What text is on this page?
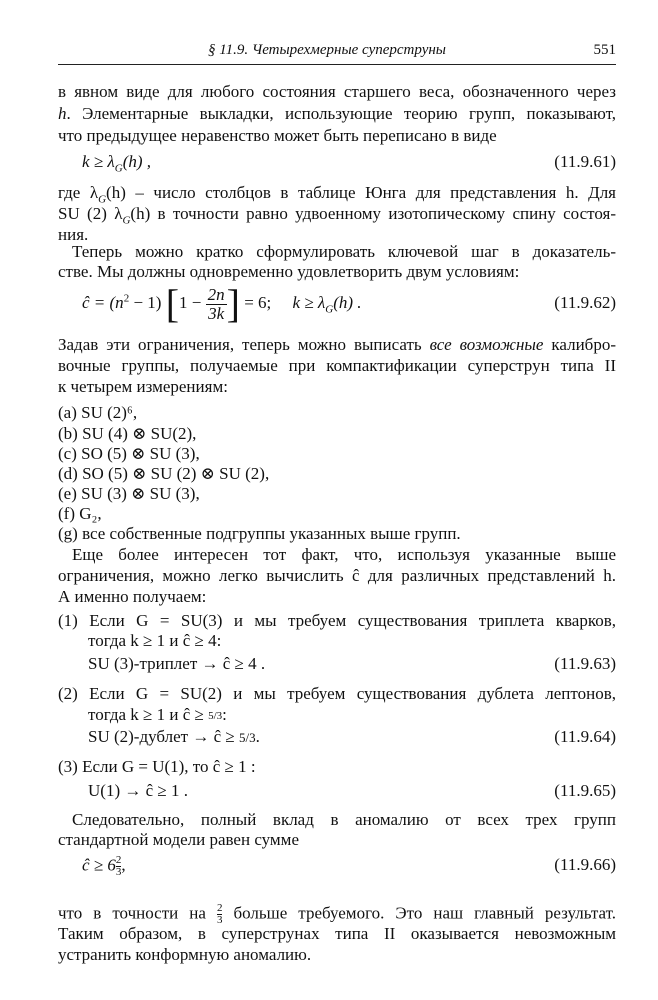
§ 11.9. Четырехмерные суперструны	551
в явном виде для любого состояния старшего веса, обозначенного через
h. Элементарные выкладки, использующие теорию групп, показывают,
что предыдущее неравенство может быть переписано в виде
$k \ge \lambda_G(h)$ ,	(11.9.61)
где $\lambda_G(h)$ – число столбцов в таблице Юнга для представления h. Для
SU (2) $\lambda_G(h)$ в точности равно удвоенному изотопическому спину состоя-
ния.
Теперь можно кратко сформулировать ключевой шаг в доказатель-
стве. Мы должны одновременно удовлетворить двум условиям:
ĉ = $(n^2 - 1) [1 - \frac{2n}{3k}$ ] = 6; $k \ge \lambda_G(h)$ .	(11.9.62)
Задав эти ограничения, теперь можно выписать все возможные калибро-
вочные группы, получаемые при компактификации суперструн типа II
к четырем измерениям:
(a) SU (2)⁶,
(b) SU (4) ⊗ SU(2),
(c) SO (5) ⊗ SU (3),
(d) SO (5) ⊗ SU (2) ⊗ SU (2),
(e) SU (3) ⊗ SU (3),
(f) G₂,
(g) все собственные подгруппы указанных выше групп.
Еще более интересен тот факт, что, используя указанные выше
ограничения, можно легко вычислить ĉ для различных представлений h.
А именно получаем:
(1) Если G = SU(3) и мы требуем существования триплета кварков,
тогда k ≥ 1 и ĉ ≥ 4:
SU (3)-триплет → ĉ ≥ 4 .	(11.9.63)
(2) Если G = SU(2) и мы требуем существования дублета лептонов,
тогда k ≥ 1 и ĉ ≥ 5/3:
SU (2)-дублет → ĉ ≥ 5/3.	(11.9.64)
(3) Если G = U(1), то ĉ ≥ 1 :
U(1) → ĉ ≥ 1 .	(11.9.65)
Следовательно, полный вклад в аномалию от всех трех групп
стандартной модели равен сумме
ĉ ≥ $6 \frac{2}{3}$ ,	(11.9.66)
что в точности на $\frac{2}{3}$ больше требуемого. Это наш главный результат.
Таким образом, в суперструнах типа II оказывается невозможным
устранить конформную аномалию.
